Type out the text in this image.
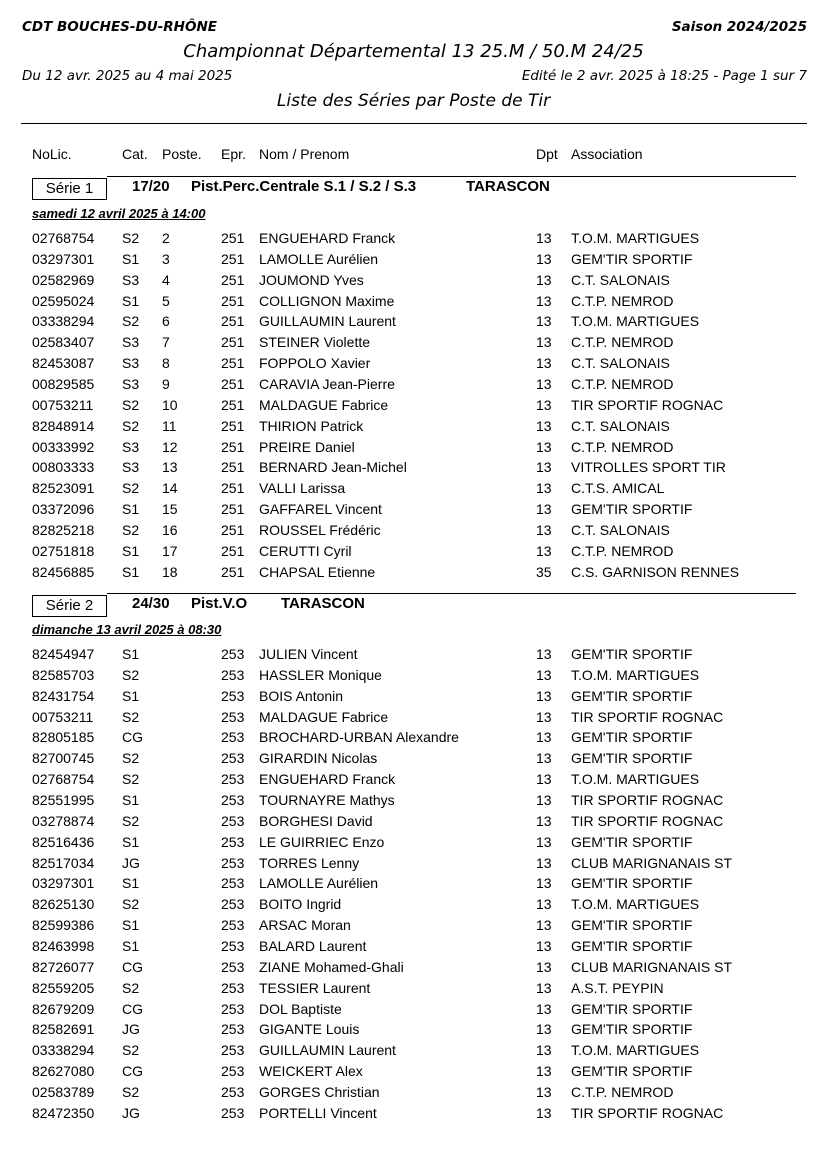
CDT BOUCHES-DU-RHÔNE	Saison 2024/2025
Championnat Départemental 13 25.M / 50.M 24/25
Du 12 avr. 2025 au 4 mai 2025	Edité le 2 avr. 2025 à 18:25 - Page 1 sur 7
Liste des Séries par Poste de Tir
NoLic.	Cat. Poste. Epr. Nom / Prenom	Dpt Association
Série 1	17/20 Pist.Perc.Centrale S.1 / S.2 / S.3	TARASCON
samedi 12 avril 2025 à 14:00
02768754 S2 2	251 ENGUEHARD Franck	13 T.O.M. MARTIGUES
03297301 S1 3	251 LAMOLLE Aurélien	13 GEM'TIR SPORTIF
02582969 S3 4	251 JOUMOND Yves	13 C.T. SALONAIS
02595024 S1 5	251 COLLIGNON Maxime	13 C.T.P. NEMROD
03338294 S2 6	251 GUILLAUMIN Laurent	13 T.O.M. MARTIGUES
02583407 S3 7	251 STEINER Violette	13 C.T.P. NEMROD
82453087 S3 8	251 FOPPOLO Xavier	13 C.T. SALONAIS
00829585 S3 9	251 CARAVIA Jean-Pierre	13 C.T.P. NEMROD
00753211 S2 10	251 MALDAGUE Fabrice	13 TIR SPORTIF ROGNAC
82848914 S2 11	251 THIRION Patrick	13 C.T. SALONAIS
00333992 S3 12	251 PREIRE Daniel	13 C.T.P. NEMROD
00803333 S3 13	251 BERNARD Jean-Michel	13 VITROLLES SPORT TIR
82523091 S2 14	251 VALLI Larissa	13 C.T.S. AMICAL
03372096 S1 15	251 GAFFAREL Vincent	13 GEM'TIR SPORTIF
82825218 S2 16	251 ROUSSEL Frédéric	13 C.T. SALONAIS
02751818 S1 17	251 CERUTTI Cyril	13 C.T.P. NEMROD
82456885 S1 18	251 CHAPSAL Etienne	35 C.S. GARNISON RENNES
Série 2	24/30 Pist.V.O TARASCON
dimanche 13 avril 2025 à 08:30
82454947 S1	253 JULIEN Vincent	13 GEM'TIR SPORTIF
82585703 S2	253 HASSLER Monique	13 T.O.M. MARTIGUES
82431754 S1	253 BOIS Antonin	13 GEM'TIR SPORTIF
00753211 S2	253 MALDAGUE Fabrice	13 TIR SPORTIF ROGNAC
82805185 CG	253 BROCHARD-URBAN Alexandre	13 GEM'TIR SPORTIF
82700745 S2	253 GIRARDIN Nicolas	13 GEM'TIR SPORTIF
02768754 S2	253 ENGUEHARD Franck	13 T.O.M. MARTIGUES
82551995 S1	253 TOURNAYRE Mathys	13 TIR SPORTIF ROGNAC
03278874 S2	253 BORGHESI David	13 TIR SPORTIF ROGNAC
82516436 S1	253 LE GUIRRIEC Enzo	13 GEM'TIR SPORTIF
82517034 JG	253 TORRES Lenny	13 CLUB MARIGNANAIS ST
03297301 S1	253 LAMOLLE Aurélien	13 GEM'TIR SPORTIF
82625130 S2	253 BOITO Ingrid	13 T.O.M. MARTIGUES
82599386 S1	253 ARSAC Moran	13 GEM'TIR SPORTIF
82463998 S1	253 BALARD Laurent	13 GEM'TIR SPORTIF
82726077 CG	253 ZIANE Mohamed-Ghali	13 CLUB MARIGNANAIS ST
82559205 S2	253 TESSIER Laurent	13 A.S.T. PEYPIN
82679209 CG	253 DOL Baptiste	13 GEM'TIR SPORTIF
82582691 JG	253 GIGANTE Louis	13 GEM'TIR SPORTIF
03338294 S2	253 GUILLAUMIN Laurent	13 T.O.M. MARTIGUES
82627080 CG	253 WEICKERT Alex	13 GEM'TIR SPORTIF
02583789 S2	253 GORGES Christian	13 C.T.P. NEMROD
82472350 JG	253 PORTELLI Vincent	13 TIR SPORTIF ROGNAC
